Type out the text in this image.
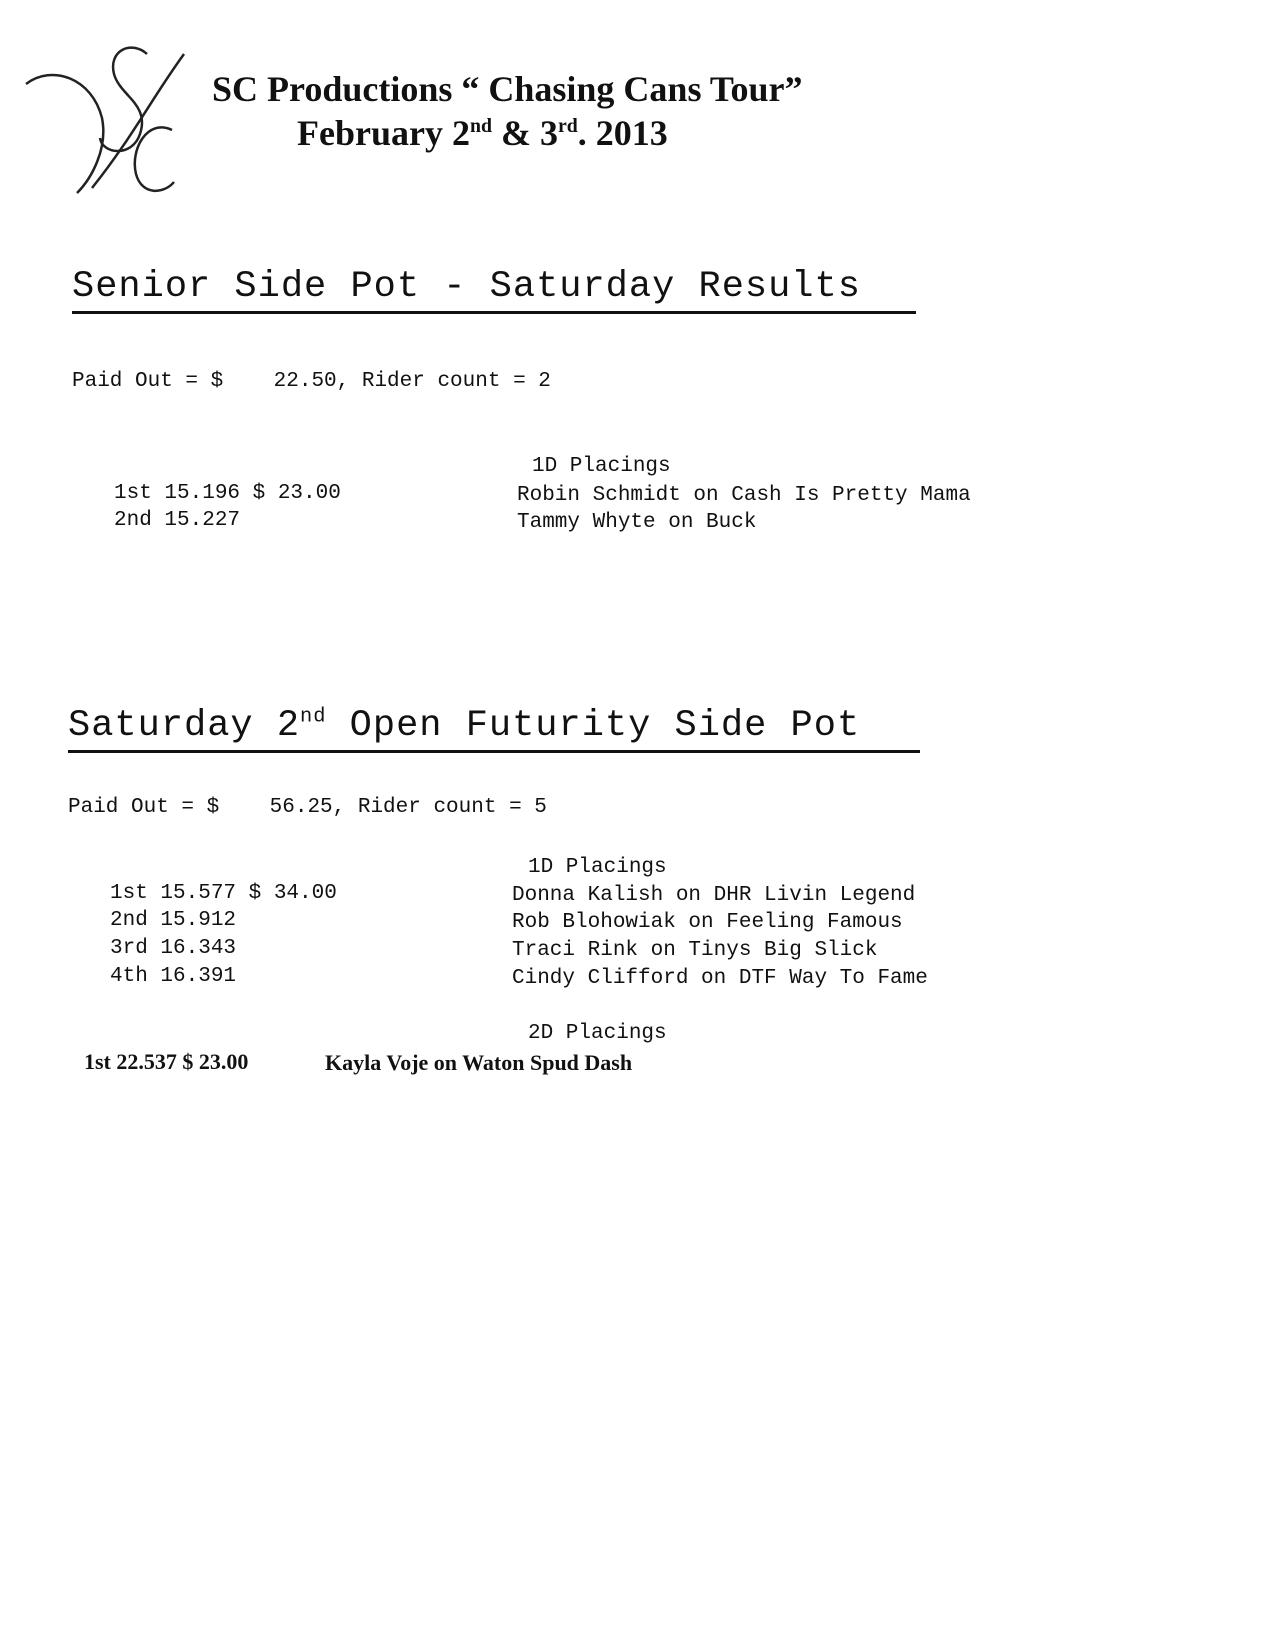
SC Productions “ Chasing Cans Tour”
February 2nd & 3rd. 2013
Senior Side Pot - Saturday Results
Paid Out = $    22.50, Rider count = 2
1D Placings
1st 15.196 $ 23.00	Robin Schmidt on Cash Is Pretty Mama
2nd 15.227	Tammy Whyte on Buck
Saturday 2nd Open Futurity Side Pot
Paid Out = $    56.25, Rider count = 5
1D Placings
1st 15.577 $ 34.00	Donna Kalish on DHR Livin Legend
2nd 15.912	Rob Blohowiak on Feeling Famous
3rd 16.343	Traci Rink on Tinys Big Slick
4th 16.391	Cindy Clifford on DTF Way To Fame
2D Placings
1st 22.537 $ 23.00	Kayla Voje on Waton Spud Dash
